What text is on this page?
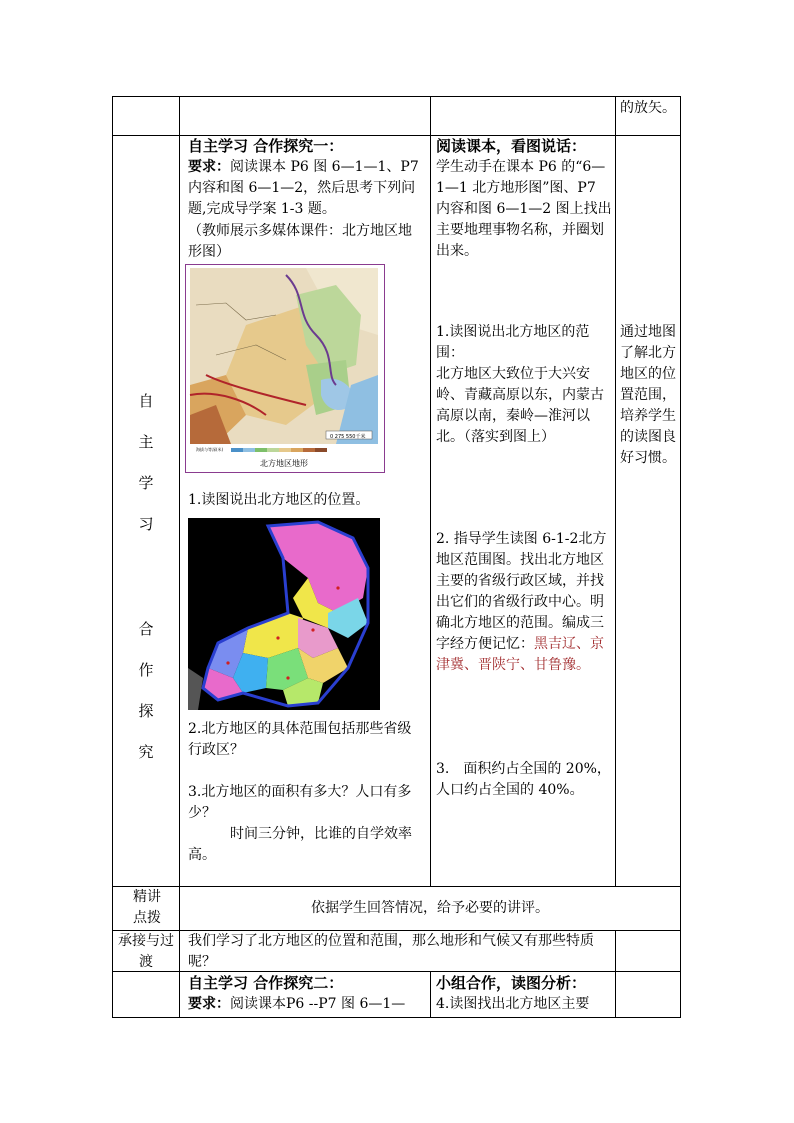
的放矢。
自
主
学
习
合
作
探
究
自主学习 合作探究一：
要求：阅读课本 P6 图 6—1—1、P7 内容和图 6—1—2，然后思考下列问题,完成导学案 1-3 题。
（教师展示多媒体课件：北方地区地形图）
0 275 550千米
海拔与等深(米)
北方地区地形
1.读图说出北方地区的位置。
2.北方地区的具体范围包括那些省级
行政区？
3.北方地区的面积有多大？人口有多少？
时间三分钟，比谁的自学效率高。
阅读课本，看图说话：
学生动手在课本 P6 的“6—1—1 北方地形图”图、P7 内容和图 6—1—2 图上找出主要地理事物名称，并圈划出来。
1.读图说出北方地区的范围：
北方地区大致位于大兴安岭、青藏高原以东，内蒙古高原以南，秦岭—淮河以北。（落实到图上）
2. 指导学生读图 6-1-2北方地区范围图。找出北方地区主要的省级行政区域，并找出它们的省级行政中心。明确北方地区的范围。编成三字经方便记忆：黑吉辽、京津冀、晋陕宁、甘鲁豫。
3.　面积约占全国的 20%，人口约占全国的 40%。
通过地图了解北方地区的位置范围，培养学生的读图良好习惯。
精讲点拨
依据学生回答情况，给予必要的讲评。
承接与过渡
我们学习了北方地区的位置和范围，那么地形和气候又有那些特质呢？
自主学习 合作探究二：
要求：阅读课本P6 --P7 图 6—1—
小组合作，读图分析：
4.读图找出北方地区主要
